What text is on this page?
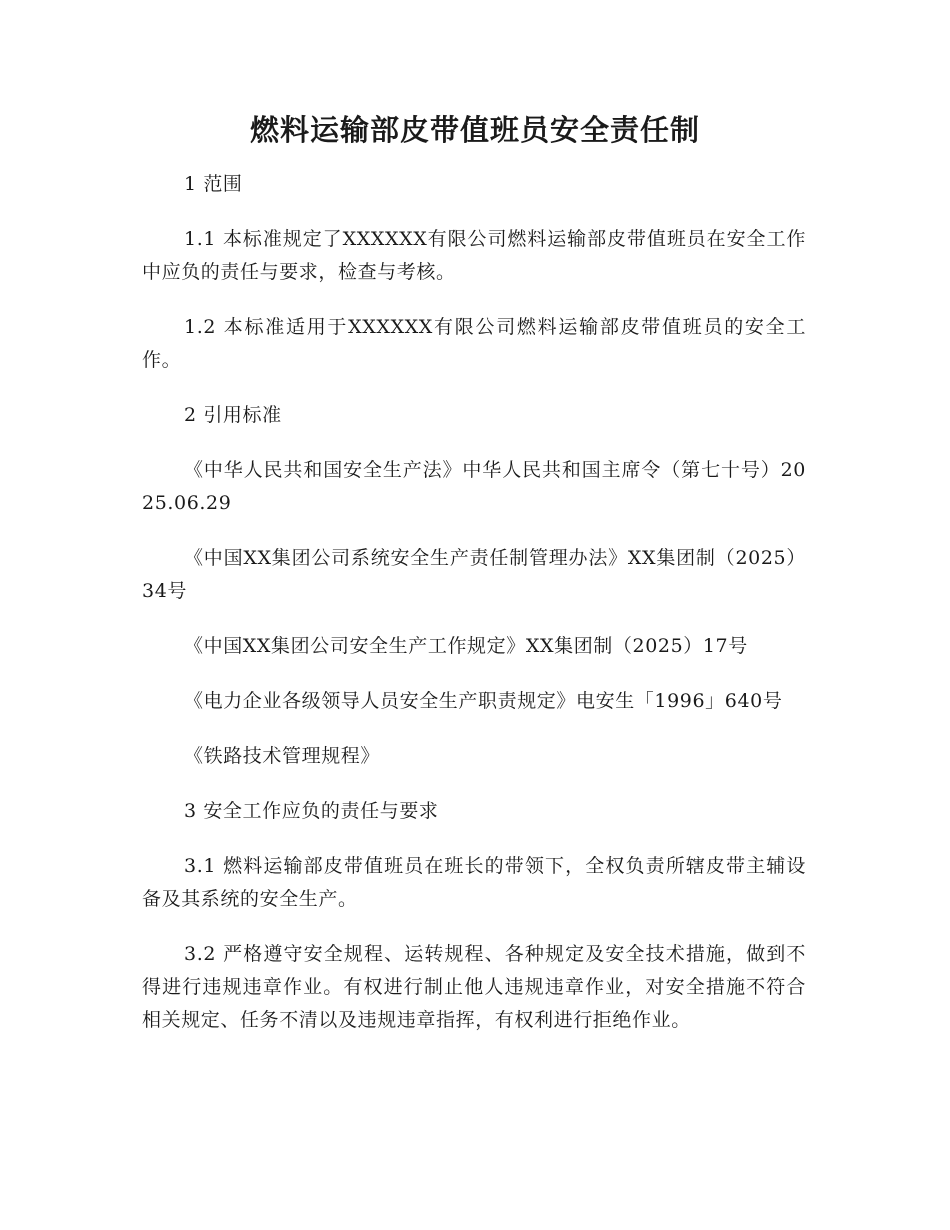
燃料运输部皮带值班员安全责任制

1 范围

1.1 本标准规定了XXXXXX有限公司燃料运输部皮带值班员在安全工作中应负的责任与要求，检查与考核。

1.2 本标准适用于XXXXXX有限公司燃料运输部皮带值班员的安全工作。

2 引用标准

《中华人民共和国安全生产法》中华人民共和国主席令（第七十号）2025.06.29

《中国XX集团公司系统安全生产责任制管理办法》XX集团制（2025）34号

《中国XX集团公司安全生产工作规定》XX集团制（2025）17号

《电力企业各级领导人员安全生产职责规定》电安生「1996」640号

《铁路技术管理规程》

3 安全工作应负的责任与要求

3.1 燃料运输部皮带值班员在班长的带领下，全权负责所辖皮带主辅设备及其系统的安全生产。

3.2 严格遵守安全规程、运转规程、各种规定及安全技术措施，做到不得进行违规违章作业。有权进行制止他人违规违章作业，对安全措施不符合相关规定、任务不清以及违规违章指挥，有权利进行拒绝作业。
